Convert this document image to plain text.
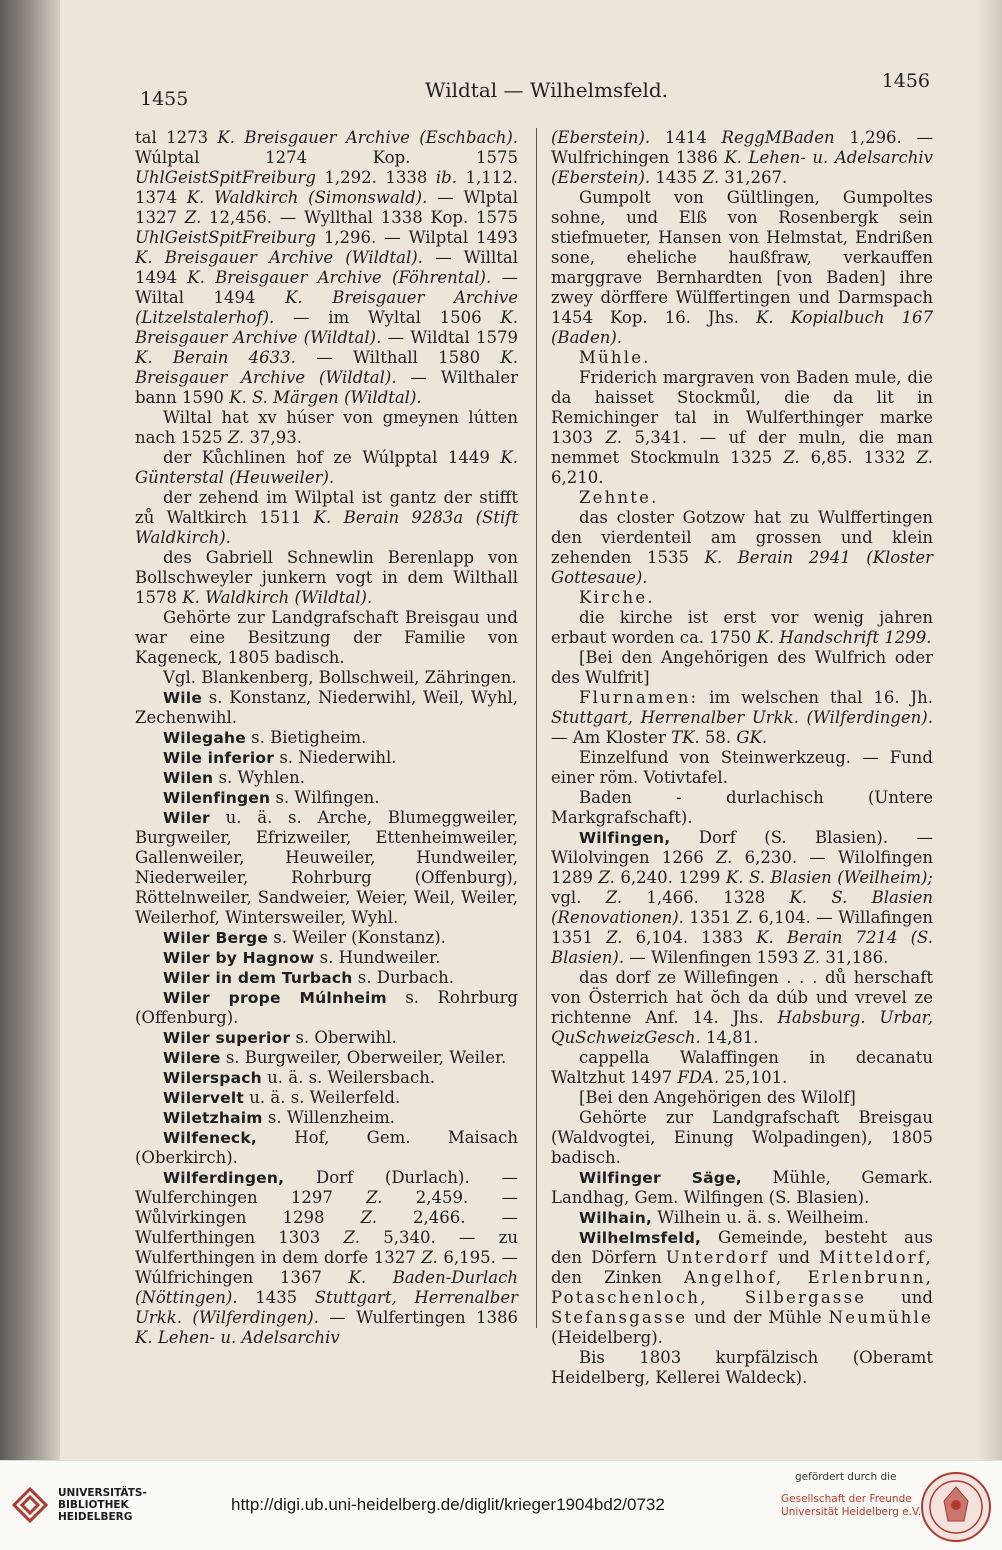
1455	Wildtal — Wilhelmsfeld.	1456

tal 1273 K. Breisgauer Archive (Eschbach). Wúlptal 1274 Kop. 1575 UhlGeistSpitFreiburg 1,292. 1338 ib. 1,112. 1374 K. Waldkirch (Simonswald). — Wlptal 1327 Z. 12,456. — Wyllthal 1338 Kop. 1575 UhlGeistSpitFreiburg 1,296. — Wilptal 1493 K. Breisgauer Archive (Wildtal). — Willtal 1494 K. Breisgauer Archive (Föhrental). — Wiltal 1494 K. Breisgauer Archive (Litzelstalerhof). — im Wyltal 1506 K. Breisgauer Archive (Wildtal). — Wildtal 1579 K. Berain 4633. — Wilthall 1580 K. Breisgauer Archive (Wildtal). — Wilthaler bann 1590 K. S. Märgen (Wildtal).

Wiltal hat xv húser von gmeynen lútten nach 1525 Z. 37,93.

der Kůchlinen hof ze Wúlpptal 1449 K. Günterstal (Heuweiler).

der zehend im Wilptal ist gantz der stifft zů Waltkirch 1511 K. Berain 9283a (Stift Waldkirch).

des Gabriell Schnewlin Berenlapp von Bollschweyler junkern vogt in dem Wilthall 1578 K. Waldkirch (Wildtal).

Gehörte zur Landgrafschaft Breisgau und war eine Besitzung der Familie von Kageneck, 1805 badisch.

Vgl. Blankenberg, Bollschweil, Zähringen.

Wile s. Konstanz, Niederwihl, Weil, Wyhl, Zechenwihl.

Wilegahe s. Bietigheim.

Wile inferior s. Niederwihl.

Wilen s. Wyhlen.

Wilenfingen s. Wilfingen.

Wiler u. ä. s. Arche, Blumeggweiler, Burgweiler, Efrizweiler, Ettenheimweiler, Gallenweiler, Heuweiler, Hundweiler, Niederweiler, Rohrburg (Offenburg), Röttelnweiler, Sandweier, Weier, Weil, Weiler, Weilerhof, Wintersweiler, Wyhl.

Wiler Berge s. Weiler (Konstanz).

Wiler by Hagnow s. Hundweiler.

Wiler in dem Turbach s. Durbach.

Wiler prope Múlnheim s. Rohrburg (Offenburg).

Wiler superior s. Oberwihl.

Wilere s. Burgweiler, Oberweiler, Weiler.

Wilerspach u. ä. s. Weilersbach.

Wilervelt u. ä. s. Weilerfeld.

Wiletzhaim s. Willenzheim.

Wilfeneck, Hof, Gem. Maisach (Oberkirch).

Wilferdingen, Dorf (Durlach). — Wulferchingen 1297 Z. 2,459. — Wůlvirkingen 1298 Z. 2,466. — Wulferthingen 1303 Z. 5,340. — zu Wulferthingen in dem dorfe 1327 Z. 6,195. — Wúlfrichingen 1367 K. Baden-Durlach (Nöttingen). 1435 Stuttgart, Herrenalber Urkk. (Wilferdingen). — Wulfertingen 1386 K. Lehen- u. Adelsarchiv

(Eberstein). 1414 ReggMBaden 1,296. — Wulfrichingen 1386 K. Lehen- u. Adelsarchiv (Eberstein). 1435 Z. 31,267.

Gumpolt von Gültlingen, Gumpoltes sohne, und Elß von Rosenbergk sein stiefmueter, Hansen von Helmstat, Endrißen sone, eheliche haußfraw, verkauffen marggrave Bernhardten [von Baden] ihre zwey dörffere Wülffertingen und Darmspach 1454 Kop. 16. Jhs. K. Kopialbuch 167 (Baden).

Mühle.

Friderich margraven von Baden mule, die da haisset Stockmůl, die da lit in Remichinger tal in Wulferthinger marke 1303 Z. 5,341. — uf der muln, die man nemmet Stockmuln 1325 Z. 6,85. 1332 Z. 6,210.

Zehnte.

das closter Gotzow hat zu Wulffertingen den vierdenteil am grossen und klein zehenden 1535 K. Berain 2941 (Kloster Gottesaue).

Kirche.

die kirche ist erst vor wenig jahren erbaut worden ca. 1750 K. Handschrift 1299.

[Bei den Angehörigen des Wulfrich oder des Wulfrit]

Flurnamen: im welschen thal 16. Jh. Stuttgart, Herrenalber Urkk. (Wilferdingen). — Am Kloster TK. 58. GK.

Einzelfund von Steinwerkzeug. — Fund einer röm. Votivtafel.

Baden - durlachisch (Untere Markgrafschaft).

Wilfingen, Dorf (S. Blasien). — Wilolvingen 1266 Z. 6,230. — Wilolfingen 1289 Z. 6,240. 1299 K. S. Blasien (Weilheim); vgl. Z. 1,466. 1328 K. S. Blasien (Renovationen). 1351 Z. 6,104. — Willafingen 1351 Z. 6,104. 1383 K. Berain 7214 (S. Blasien). — Wilenfingen 1593 Z. 31,186.

das dorf ze Willefingen . . . dů herschaft von Österrich hat ŏch da dúb und vrevel ze richtenne Anf. 14. Jhs. Habsburg. Urbar, QuSchweizGesch. 14,81.

cappella Walaffingen in decanatu Waltzhut 1497 FDA. 25,101.

[Bei den Angehörigen des Wilolf]

Gehörte zur Landgrafschaft Breisgau (Waldvogtei, Einung Wolpadingen), 1805 badisch.

Wilfinger Säge, Mühle, Gemark. Landhag, Gem. Wilfingen (S. Blasien).

Wilhain, Wilhein u. ä. s. Weilheim.

Wilhelmsfeld, Gemeinde, besteht aus den Dörfern Unterdorf und Mitteldorf, den Zinken Angelhof, Erlenbrunn, Potaschenloch, Silbergasse und Stefansgasse und der Mühle Neumühle (Heidelberg).

Bis 1803 kurpfälzisch (Oberamt Heidelberg, Kellerei Waldeck).

UNIVERSITÄTS-
BIBLIOTHEK
HEIDELBERG
http://digi.ub.uni-heidelberg.de/diglit/krieger1904bd2/0732
gefördert durch die
Gesellschaft der Freunde
Universität Heidelberg e.V.
